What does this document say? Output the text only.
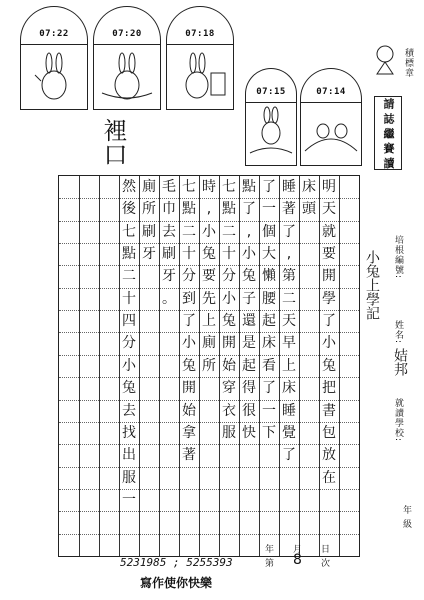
07:22	07:20	07:18
07:15	07:14
積標章
請 誌 繼 賽 讀
裡口
明
天
就
要
開
學
了
小
兔
把
書
包
放
在
床
頭
睡
著
了
,
第
二
天
早
上
床
睡
覺
了
了
一
個
大
懶
腰
起
床
看
了
一
下
點
了
,
小
兔
子
還
是
起
得
很
快
七
點
二
十
分
小
兔
開
始
穿
衣
服
時
,
小
兔
要
先
上
廁
所
七
點
二
十
分
到
了
小
兔
開
始
拿
著
毛
巾
去
刷
牙
。
廁
所
刷
牙
然
後
七
點
二
十
四
分
小
兔
去
找
出
服
一
小兔上學記 培根編號:
姓名:
姞邦
就讀學校:
年 級
年 月 日
第 8 次
5231985 ; 5255393
寫作使你快樂
